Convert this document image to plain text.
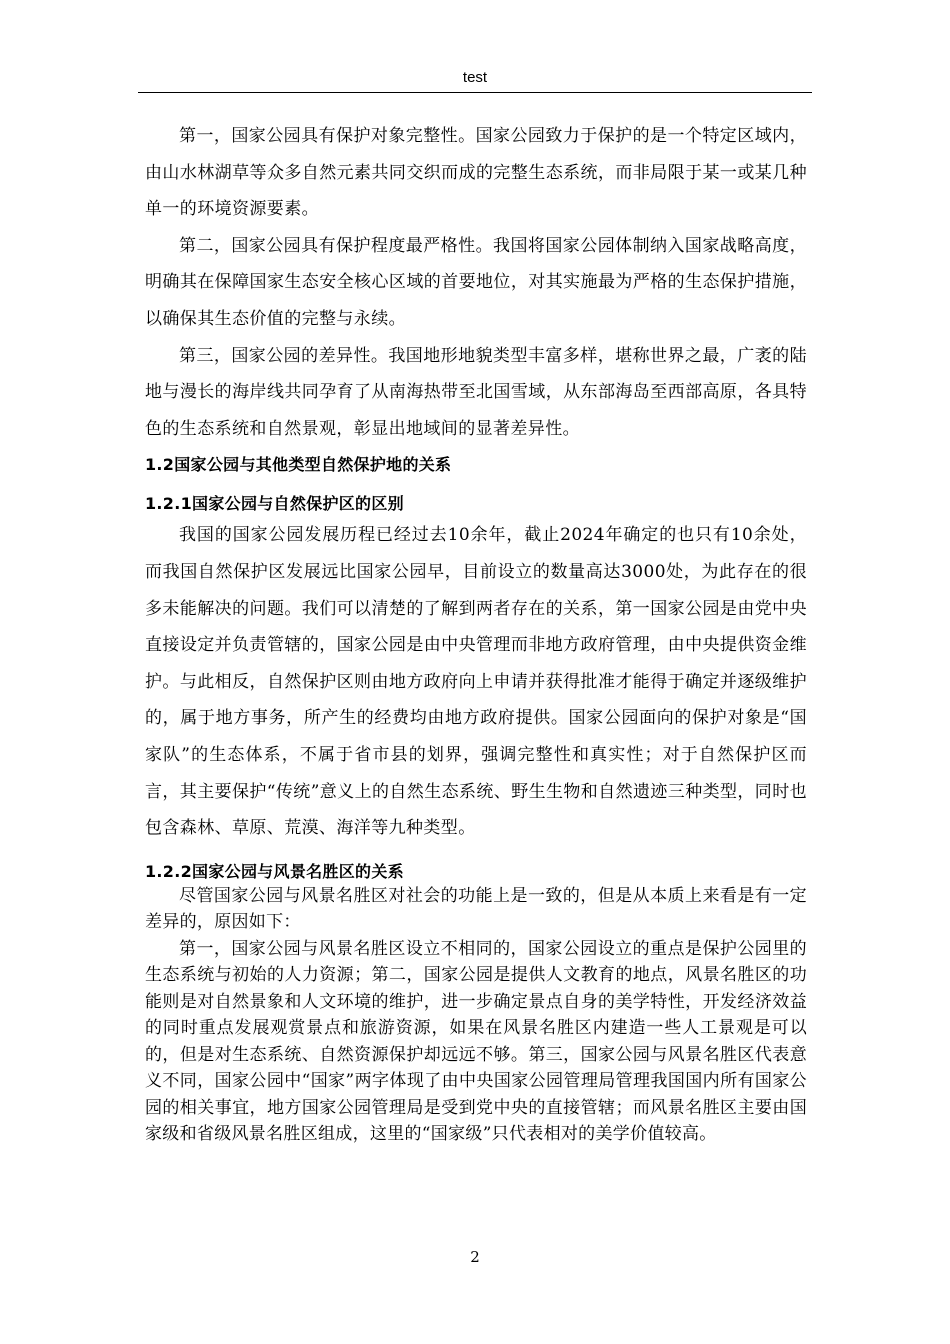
test

第一，国家公园具有保护对象完整性。国家公园致力于保护的是一个特定区域内，由山水林湖草等众多自然元素共同交织而成的完整生态系统，而非局限于某一或某几种单一的环境资源要素。

第二，国家公园具有保护程度最严格性。我国将国家公园体制纳入国家战略高度，明确其在保障国家生态安全核心区域的首要地位，对其实施最为严格的生态保护措施，以确保其生态价值的完整与永续。

第三，国家公园的差异性。我国地形地貌类型丰富多样，堪称世界之最，广袤的陆地与漫长的海岸线共同孕育了从南海热带至北国雪域，从东部海岛至西部高原，各具特色的生态系统和自然景观，彰显出地域间的显著差异性。

1.2国家公园与其他类型自然保护地的关系
1.2.1国家公园与自然保护区的区别

我国的国家公园发展历程已经过去10余年，截止2024年确定的也只有10余处，而我国自然保护区发展远比国家公园早，目前设立的数量高达3000处，为此存在的很多未能解决的问题。我们可以清楚的了解到两者存在的关系，第一国家公园是由党中央直接设定并负责管辖的，国家公园是由中央管理而非地方政府管理，由中央提供资金维护。与此相反，自然保护区则由地方政府向上申请并获得批准才能得于确定并逐级维护的，属于地方事务，所产生的经费均由地方政府提供。国家公园面向的保护对象是“国家队”的生态体系，不属于省市县的划界，强调完整性和真实性；对于自然保护区而言，其主要保护“传统”意义上的自然生态系统、野生生物和自然遗迹三种类型，同时也包含森林、草原、荒漠、海洋等九种类型。

1.2.2国家公园与风景名胜区的关系

尽管国家公园与风景名胜区对社会的功能上是一致的，但是从本质上来看是有一定差异的，原因如下：

第一，国家公园与风景名胜区设立不相同的，国家公园设立的重点是保护公园里的生态系统与初始的人力资源；第二，国家公园是提供人文教育的地点，风景名胜区的功能则是对自然景象和人文环境的维护，进一步确定景点自身的美学特性，开发经济效益的同时重点发展观赏景点和旅游资源，如果在风景名胜区内建造一些人工景观是可以的，但是对生态系统、自然资源保护却远远不够。第三，国家公园与风景名胜区代表意义不同，国家公园中“国家”两字体现了由中央国家公园管理局管理我国国内所有国家公园的相关事宜，地方国家公园管理局是受到党中央的直接管辖；而风景名胜区主要由国家级和省级风景名胜区组成，这里的“国家级”只代表相对的美学价值较高。

2
